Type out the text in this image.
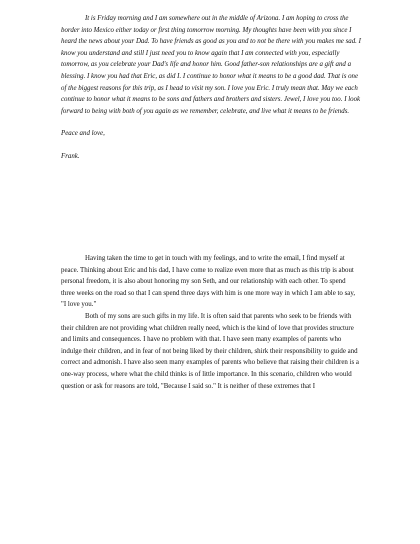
It is Friday morning and I am somewhere out in the middle of Arizona. I am hoping to cross the border into Mexico either today or first thing tomorrow morning. My thoughts have been with you since I heard the news about your Dad. To have friends as good as you and to not be there with you makes me sad. I know you understand and still I just need you to know again that I am connected with you, especially tomorrow, as you celebrate your Dad's life and honor him. Good father-son relationships are a gift and a blessing. I know you had that Eric, as did I. I continue to honor what it means to be a good dad. That is one of the biggest reasons for this trip, as I head to visit my son. I love you Eric. I truly mean that. May we each continue to honor what it means to be sons and fathers and brothers and sisters. Jewel, I love you too. I look forward to being with both of you again as we remember, celebrate, and live what it means to be friends.

Peace and love,

Frank.

Having taken the time to get in touch with my feelings, and to write the email, I find myself at peace. Thinking about Eric and his dad, I have come to realize even more that as much as this trip is about personal freedom, it is also about honoring my son Seth, and our relationship with each other. To spend three weeks on the road so that I can spend three days with him is one more way in which I am able to say, "I love you."

Both of my sons are such gifts in my life. It is often said that parents who seek to be friends with their children are not providing what children really need, which is the kind of love that provides structure and limits and consequences. I have no problem with that. I have seen many examples of parents who indulge their children, and in fear of not being liked by their children, shirk their responsibility to guide and correct and admonish. I have also seen many examples of parents who believe that raising their children is a one-way process, where what the child thinks is of little importance. In this scenario, children who would question or ask for reasons are told, "Because I said so." It is neither of these extremes that I
